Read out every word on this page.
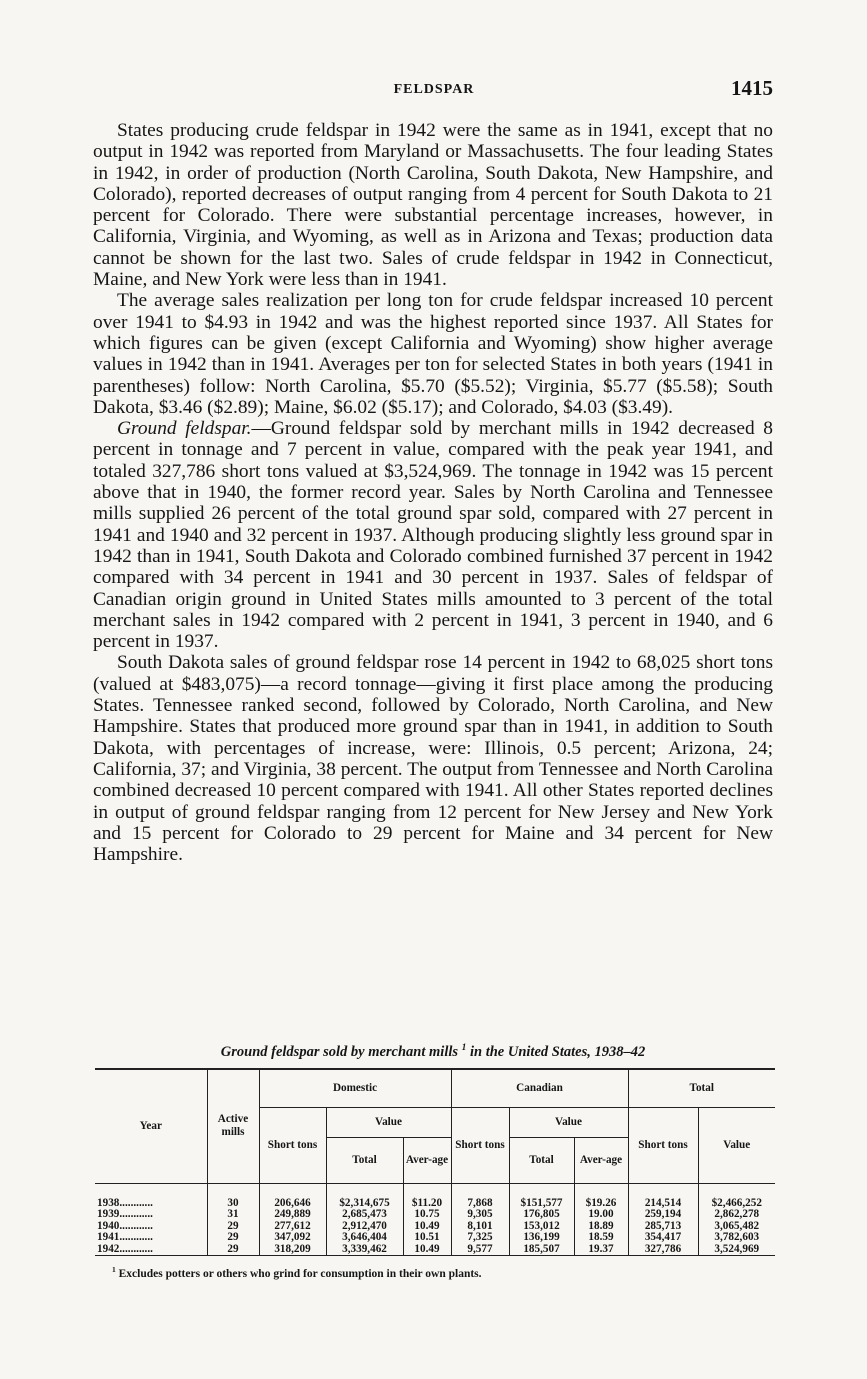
FELDSPAR	1415

States producing crude feldspar in 1942 were the same as in 1941, except that no output in 1942 was reported from Maryland or Massachusetts. The four leading States in 1942, in order of production (North Carolina, South Dakota, New Hampshire, and Colorado), reported decreases of output ranging from 4 percent for South Dakota to 21 percent for Colorado. There were substantial percentage increases, however, in California, Virginia, and Wyoming, as well as in Arizona and Texas; production data cannot be shown for the last two. Sales of crude feldspar in 1942 in Connecticut, Maine, and New York were less than in 1941.

The average sales realization per long ton for crude feldspar increased 10 percent over 1941 to $4.93 in 1942 and was the highest reported since 1937. All States for which figures can be given (except California and Wyoming) show higher average values in 1942 than in 1941. Averages per ton for selected States in both years (1941 in parentheses) follow: North Carolina, $5.70 ($5.52); Virginia, $5.77 ($5.58); South Dakota, $3.46 ($2.89); Maine, $6.02 ($5.17); and Colorado, $4.03 ($3.49).

Ground feldspar.—Ground feldspar sold by merchant mills in 1942 decreased 8 percent in tonnage and 7 percent in value, compared with the peak year 1941, and totaled 327,786 short tons valued at $3,524,969. The tonnage in 1942 was 15 percent above that in 1940, the former record year. Sales by North Carolina and Tennessee mills supplied 26 percent of the total ground spar sold, compared with 27 percent in 1941 and 1940 and 32 percent in 1937. Although producing slightly less ground spar in 1942 than in 1941, South Dakota and Colorado combined furnished 37 percent in 1942 compared with 34 percent in 1941 and 30 percent in 1937. Sales of feldspar of Canadian origin ground in United States mills amounted to 3 percent of the total merchant sales in 1942 compared with 2 percent in 1941, 3 percent in 1940, and 6 percent in 1937.

South Dakota sales of ground feldspar rose 14 percent in 1942 to 68,025 short tons (valued at $483,075)—a record tonnage—giving it first place among the producing States. Tennessee ranked second, followed by Colorado, North Carolina, and New Hampshire. States that produced more ground spar than in 1941, in addition to South Dakota, with percentages of increase, were: Illinois, 0.5 percent; Arizona, 24; California, 37; and Virginia, 38 percent. The output from Tennessee and North Carolina combined decreased 10 percent compared with 1941. All other States reported declines in output of ground feldspar ranging from 12 percent for New Jersey and New York and 15 percent for Colorado to 29 percent for Maine and 34 percent for New Hampshire.

Ground feldspar sold by merchant mills $^1$ in the United States, 1938–42
Year	Active mills	Domestic			Canadian			Total	
		Short tons	Value		Short tons	Value		Short tons	Value
			Total	Aver-age		Total	Aver-age		
1938............	30	206,646	$2,314,675	$11.20	7,868	$151,577	$19.26	214,514	$2,466,252
1939............	31	249,889	2,685,473	10.75	9,305	176,805	19.00	259,194	2,862,278
1940............	29	277,612	2,912,470	10.49	8,101	153,012	18.89	285,713	3,065,482
1941............	29	347,092	3,646,404	10.51	7,325	136,199	18.59	354,417	3,782,603
1942............	29	318,209	3,339,462	10.49	9,577	185,507	19.37	327,786	3,524,969
$^1$ Excludes potters or others who grind for consumption in their own plants.
